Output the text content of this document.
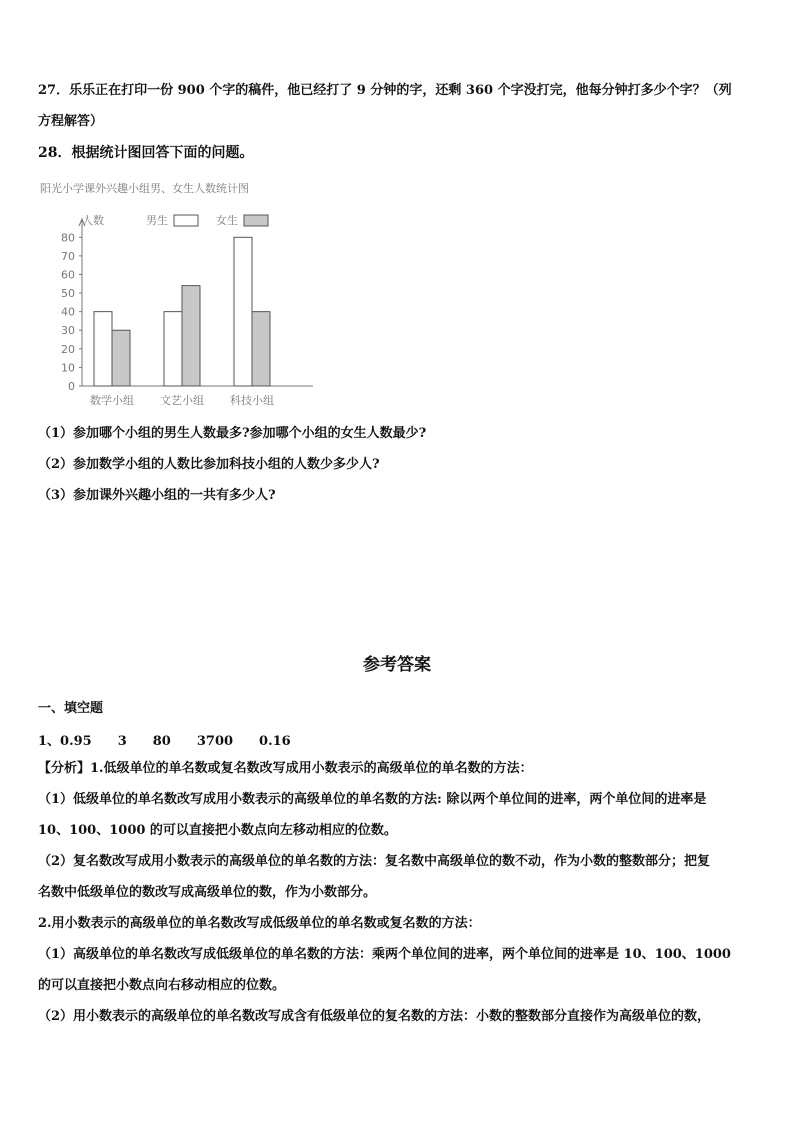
27．乐乐正在打印一份 900 个字的稿件，他已经打了 9 分钟的字，还剩 360 个字没打完，他每分钟打多少个字？（列
方程解答）
28．根据统计图回答下面的问题。
阳光小学课外兴趣小组男、女生人数统计图
人数	男生	女生
0
10
20
30
40
50
60
70
80
数学小组 文艺小组 科技小组
（1）参加哪个小组的男生人数最多?参加哪个小组的女生人数最少?
（2）参加数学小组的人数比参加科技小组的人数少多少人?
（3）参加课外兴趣小组的一共有多少人?
参考答案
一、填空题
1、0.95 3 80 3700 0.16
【分析】1.低级单位的单名数或复名数改写成用小数表示的高级单位的单名数的方法：
（1）低级单位的单名数改写成用小数表示的高级单位的单名数的方法: 除以两个单位间的进率，两个单位间的进率是
10、100、1000 的可以直接把小数点向左移动相应的位数。
（2）复名数改写成用小数表示的高级单位的单名数的方法：复名数中高级单位的数不动，作为小数的整数部分；把复
名数中低级单位的数改写成高级单位的数，作为小数部分。
2.用小数表示的高级单位的单名数改写成低级单位的单名数或复名数的方法：
（1）高级单位的单名数改写成低级单位的单名数的方法：乘两个单位间的进率，两个单位间的进率是 10、100、1000
的可以直接把小数点向右移动相应的位数。
（2）用小数表示的高级单位的单名数改写成含有低级单位的复名数的方法：小数的整数部分直接作为高级单位的数，
